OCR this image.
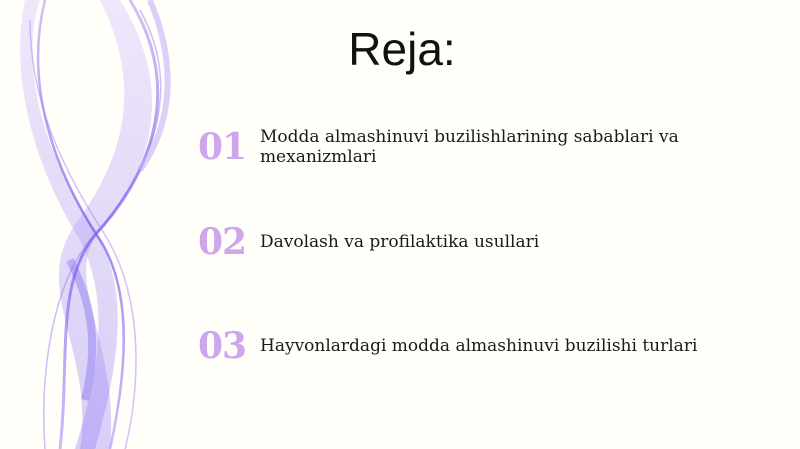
Reja:
01 Modda almashinuvi buzilishlarining sabablari va mexanizmlari
02 Davolash va profilaktika usullari
03 Hayvonlardagi modda almashinuvi buzilishi turlari
